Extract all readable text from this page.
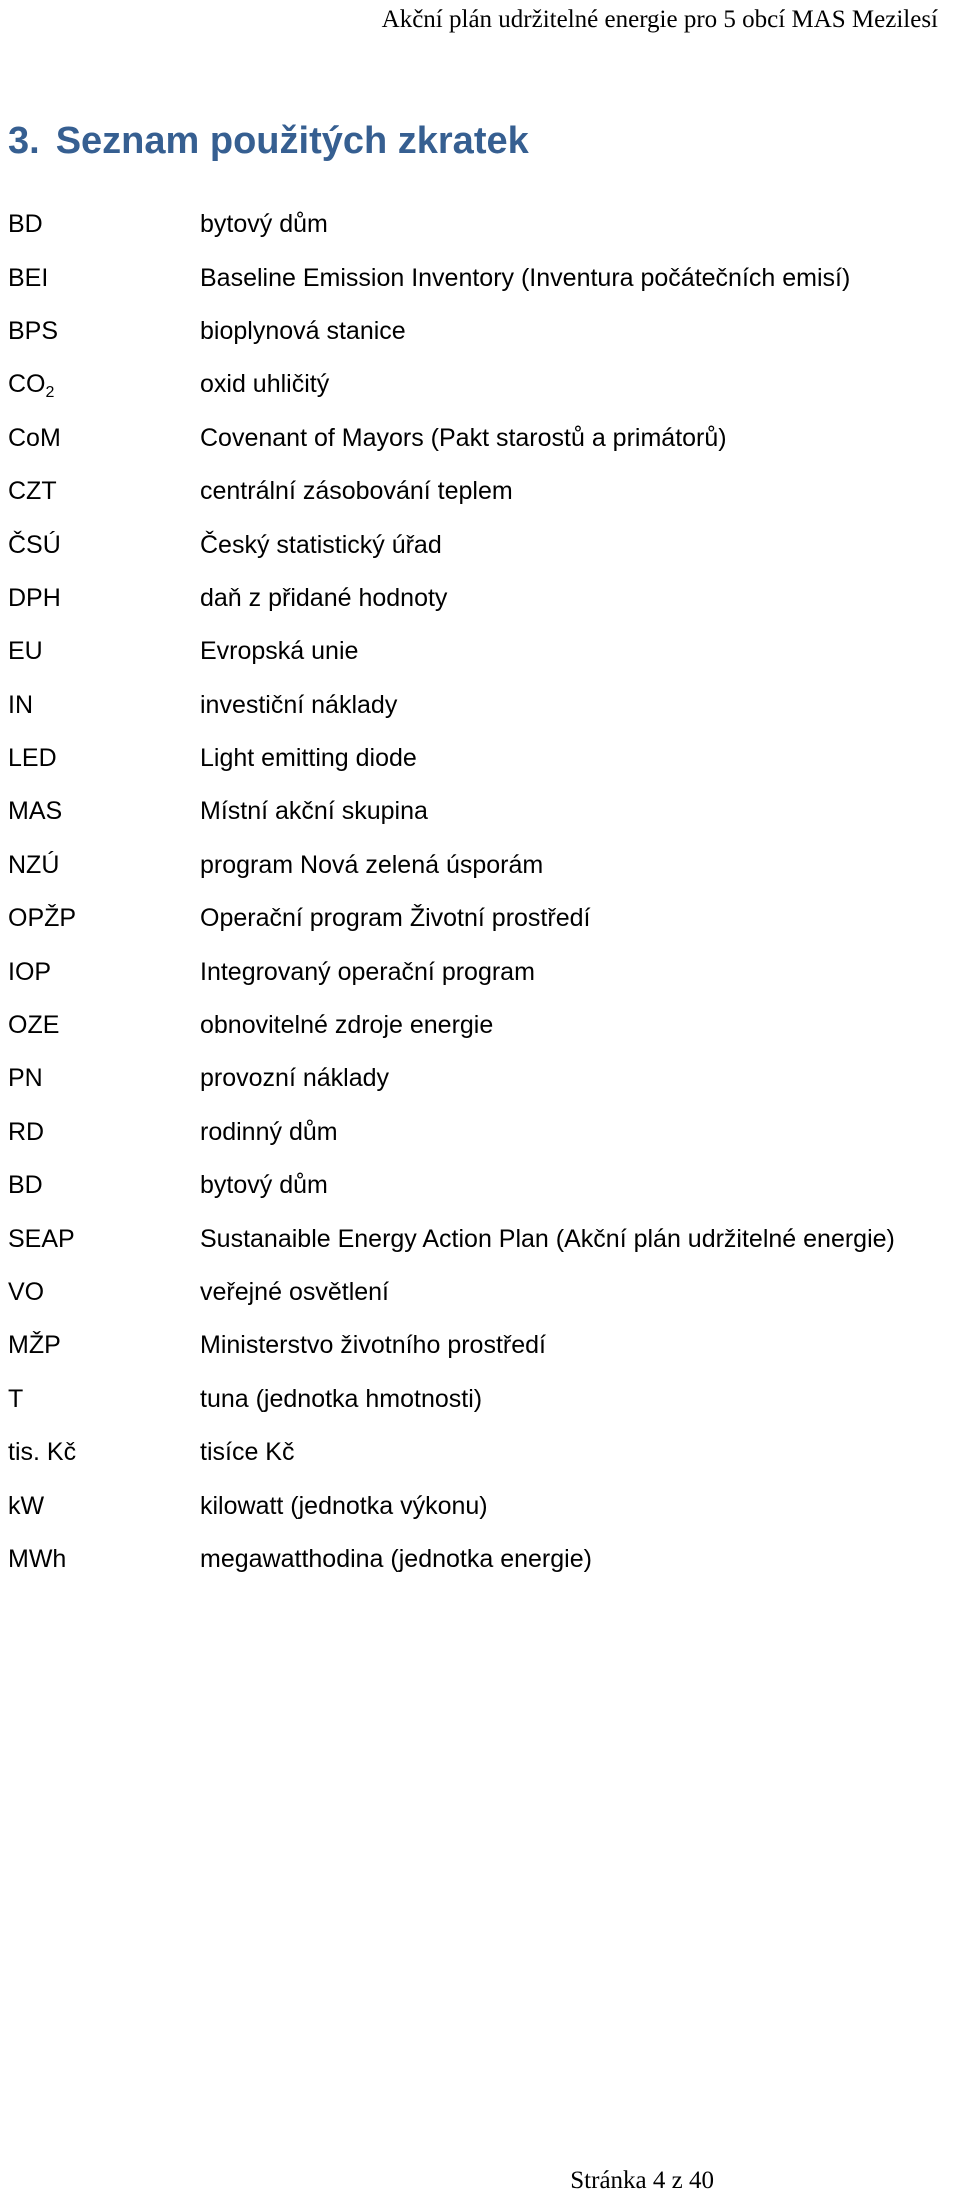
Akční plán udržitelné energie pro 5 obcí MAS Mezilesí
3. Seznam použitých zkratek
BD	bytový dům
BEI	Baseline Emission Inventory (Inventura počátečních emisí)
BPS	bioplynová stanice
$CO_2$	oxid uhličitý
CoM	Covenant of Mayors (Pakt starostů a primátorů)
CZT	centrální zásobování teplem
ČSÚ	Český statistický úřad
DPH	daň z přidané hodnoty
EU	Evropská unie
IN	investiční náklady
LED	Light emitting diode
MAS	Místní akční skupina
NZÚ	program Nová zelená úsporám
OPŽP	Operační program Životní prostředí
IOP	Integrovaný operační program
OZE	obnovitelné zdroje energie
PN	provozní náklady
RD	rodinný dům
BD	bytový dům
SEAP	Sustanaible Energy Action Plan (Akční plán udržitelné energie)
VO	veřejné osvětlení
MŽP	Ministerstvo životního prostředí
T	tuna (jednotka hmotnosti)
tis. Kč	tisíce Kč
kW	kilowatt (jednotka výkonu)
MWh	megawatthodina (jednotka energie)
Stránka 4 z 40
